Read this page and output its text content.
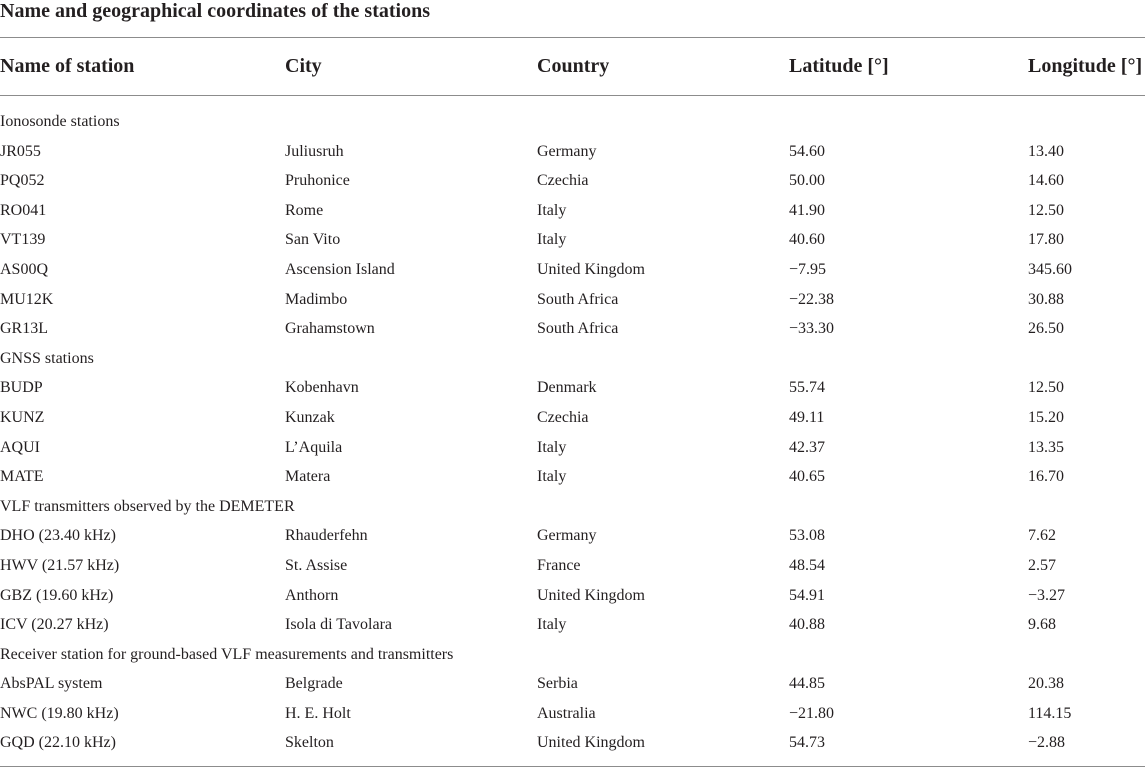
Name and geographical coordinates of the stations
Name of station	City	Country	Latitude [°]	Longitude [°]
Ionosonde stations
JR055	Juliusruh	Germany	54.60	13.40
PQ052	Pruhonice	Czechia	50.00	14.60
RO041	Rome	Italy	41.90	12.50
VT139	San Vito	Italy	40.60	17.80
AS00Q	Ascension Island	United Kingdom	−7.95	345.60
MU12K	Madimbo	South Africa	−22.38	30.88
GR13L	Grahamstown	South Africa	−33.30	26.50
GNSS stations
BUDP	Kobenhavn	Denmark	55.74	12.50
KUNZ	Kunzak	Czechia	49.11	15.20
AQUI	L’Aquila	Italy	42.37	13.35
MATE	Matera	Italy	40.65	16.70
VLF transmitters observed by the DEMETER
DHO (23.40 kHz)	Rhauderfehn	Germany	53.08	7.62
HWV (21.57 kHz)	St. Assise	France	48.54	2.57
GBZ (19.60 kHz)	Anthorn	United Kingdom	54.91	−3.27
ICV (20.27 kHz)	Isola di Tavolara	Italy	40.88	9.68
Receiver station for ground-based VLF measurements and transmitters
AbsPAL system	Belgrade	Serbia	44.85	20.38
NWC (19.80 kHz)	H. E. Holt	Australia	−21.80	114.15
GQD (22.10 kHz)	Skelton	United Kingdom	54.73	−2.88
